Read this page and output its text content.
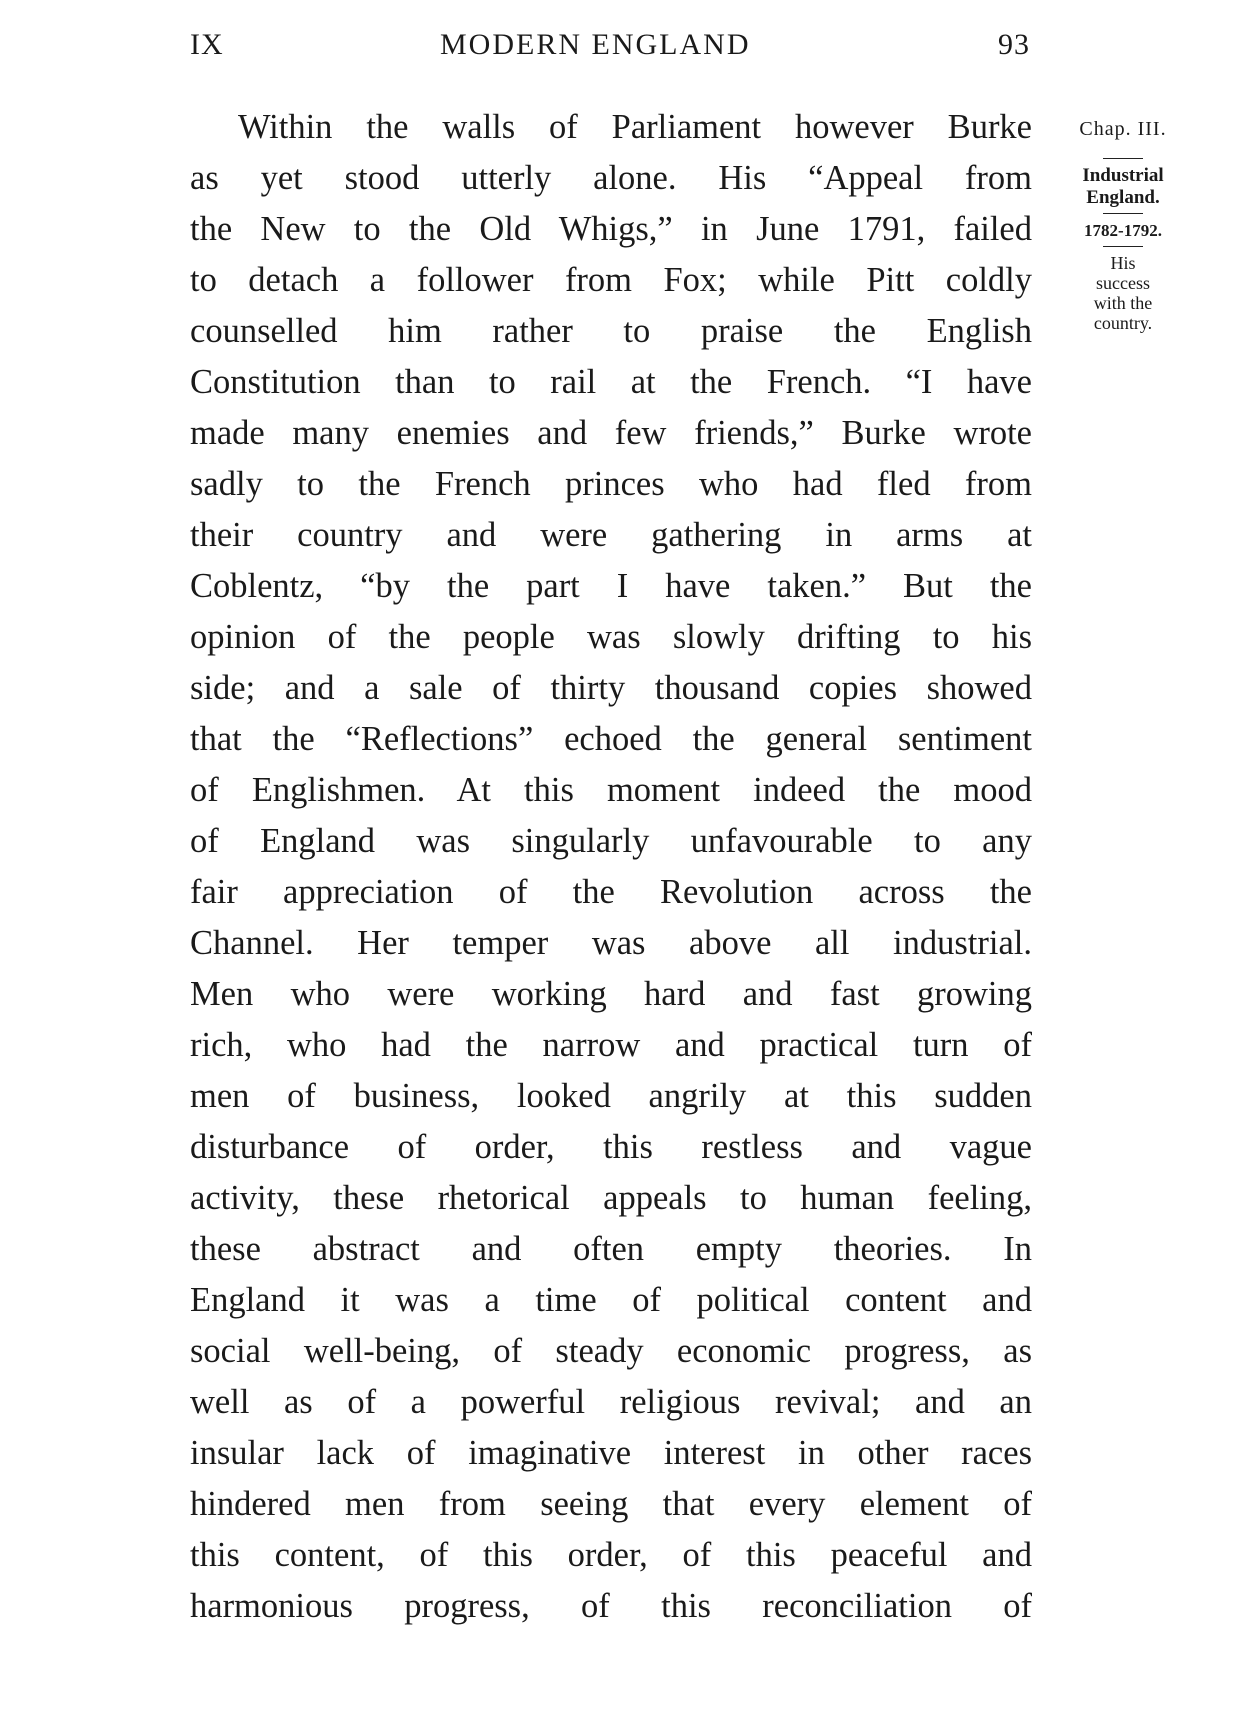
IX	MODERN ENGLAND	93
Within the walls of Parliament however Burke
as yet stood utterly alone. His “Appeal from
the New to the Old Whigs,” in June 1791, failed
to detach a follower from Fox; while Pitt coldly
counselled him rather to praise the English
Constitution than to rail at the French. “I have
made many enemies and few friends,” Burke wrote
sadly to the French princes who had fled from
their country and were gathering in arms at
Coblentz, “by the part I have taken.” But the
opinion of the people was slowly drifting to his
side; and a sale of thirty thousand copies showed
that the “Reflections” echoed the general sentiment
of Englishmen. At this moment indeed the mood
of England was singularly unfavourable to any
fair appreciation of the Revolution across the
Channel. Her temper was above all industrial.
Men who were working hard and fast growing
rich, who had the narrow and practical turn of
men of business, looked angrily at this sudden
disturbance of order, this restless and vague
activity, these rhetorical appeals to human feeling,
these abstract and often empty theories. In
England it was a time of political content and
social well-being, of steady economic progress, as
well as of a powerful religious revival; and an
insular lack of imaginative interest in other races
hindered men from seeing that every element of
this content, of this order, of this peaceful and
harmonious progress, of this reconciliation of
Chap. III.
Industrial
England.
1782-1792.
His
success
with the
country.
